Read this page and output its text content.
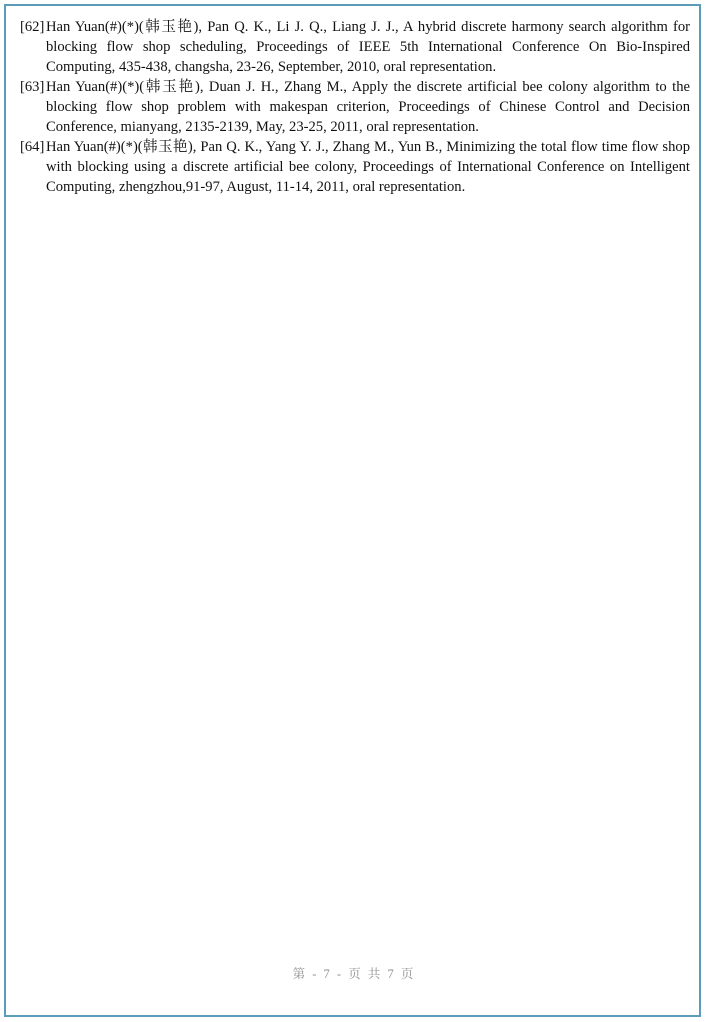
[62] Han Yuan(#)(*)(韩玉艳), Pan Q. K., Li J. Q., Liang J. J., A hybrid discrete harmony search algorithm for blocking flow shop scheduling, Proceedings of IEEE 5th International Conference On Bio-Inspired Computing, 435-438, changsha, 23-26, September, 2010, oral representation.
[63] Han Yuan(#)(*)(韩玉艳), Duan J. H., Zhang M., Apply the discrete artificial bee colony algorithm to the blocking flow shop problem with makespan criterion, Proceedings of Chinese Control and Decision Conference, mianyang, 2135-2139, May, 23-25, 2011, oral representation.
[64] Han Yuan(#)(*)(韩玉艳), Pan Q. K., Yang Y. J., Zhang M., Yun B., Minimizing the total flow time flow shop with blocking using a discrete artificial bee colony, Proceedings of International Conference on Intelligent Computing, zhengzhou,91-97, August, 11-14, 2011, oral representation.
第 - 7 - 页 共 7 页
